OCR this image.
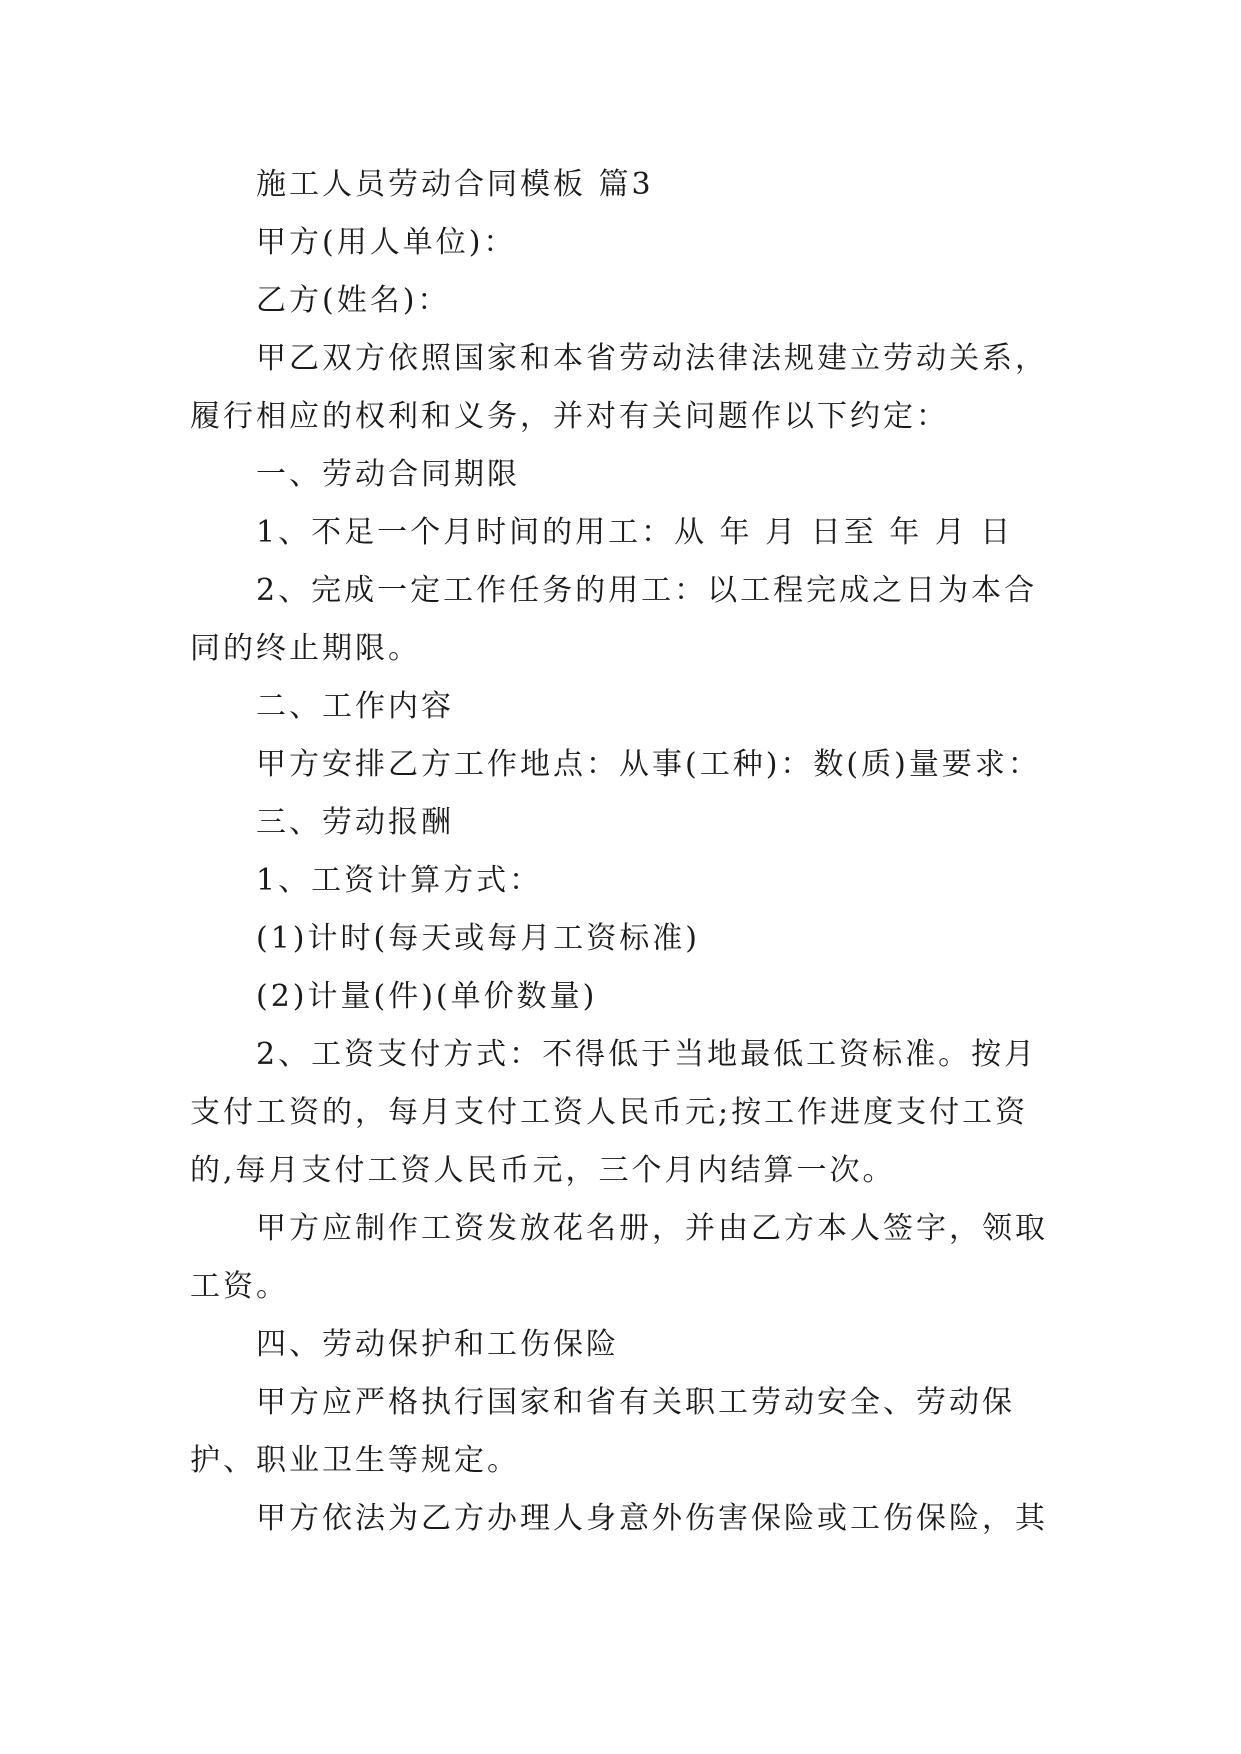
施工人员劳动合同模板 篇3

甲方(用人单位)：

乙方(姓名)：

甲乙双方依照国家和本省劳动法律法规建立劳动关系，履行相应的权利和义务，并对有关问题作以下约定：

一、劳动合同期限

1、不足一个月时间的用工：从 年 月 日至 年 月 日

2、完成一定工作任务的用工：以工程完成之日为本合同的终止期限。

二、工作内容

甲方安排乙方工作地点：从事(工种)：数(质)量要求：

三、劳动报酬

1、工资计算方式：

(1)计时(每天或每月工资标准)

(2)计量(件)(单价数量)

2、工资支付方式：不得低于当地最低工资标准。按月支付工资的，每月支付工资人民币元;按工作进度支付工资的,每月支付工资人民币元，三个月内结算一次。

甲方应制作工资发放花名册，并由乙方本人签字，领取工资。

四、劳动保护和工伤保险

甲方应严格执行国家和省有关职工劳动安全、劳动保护、职业卫生等规定。

甲方依法为乙方办理人身意外伤害保险或工伤保险，其
